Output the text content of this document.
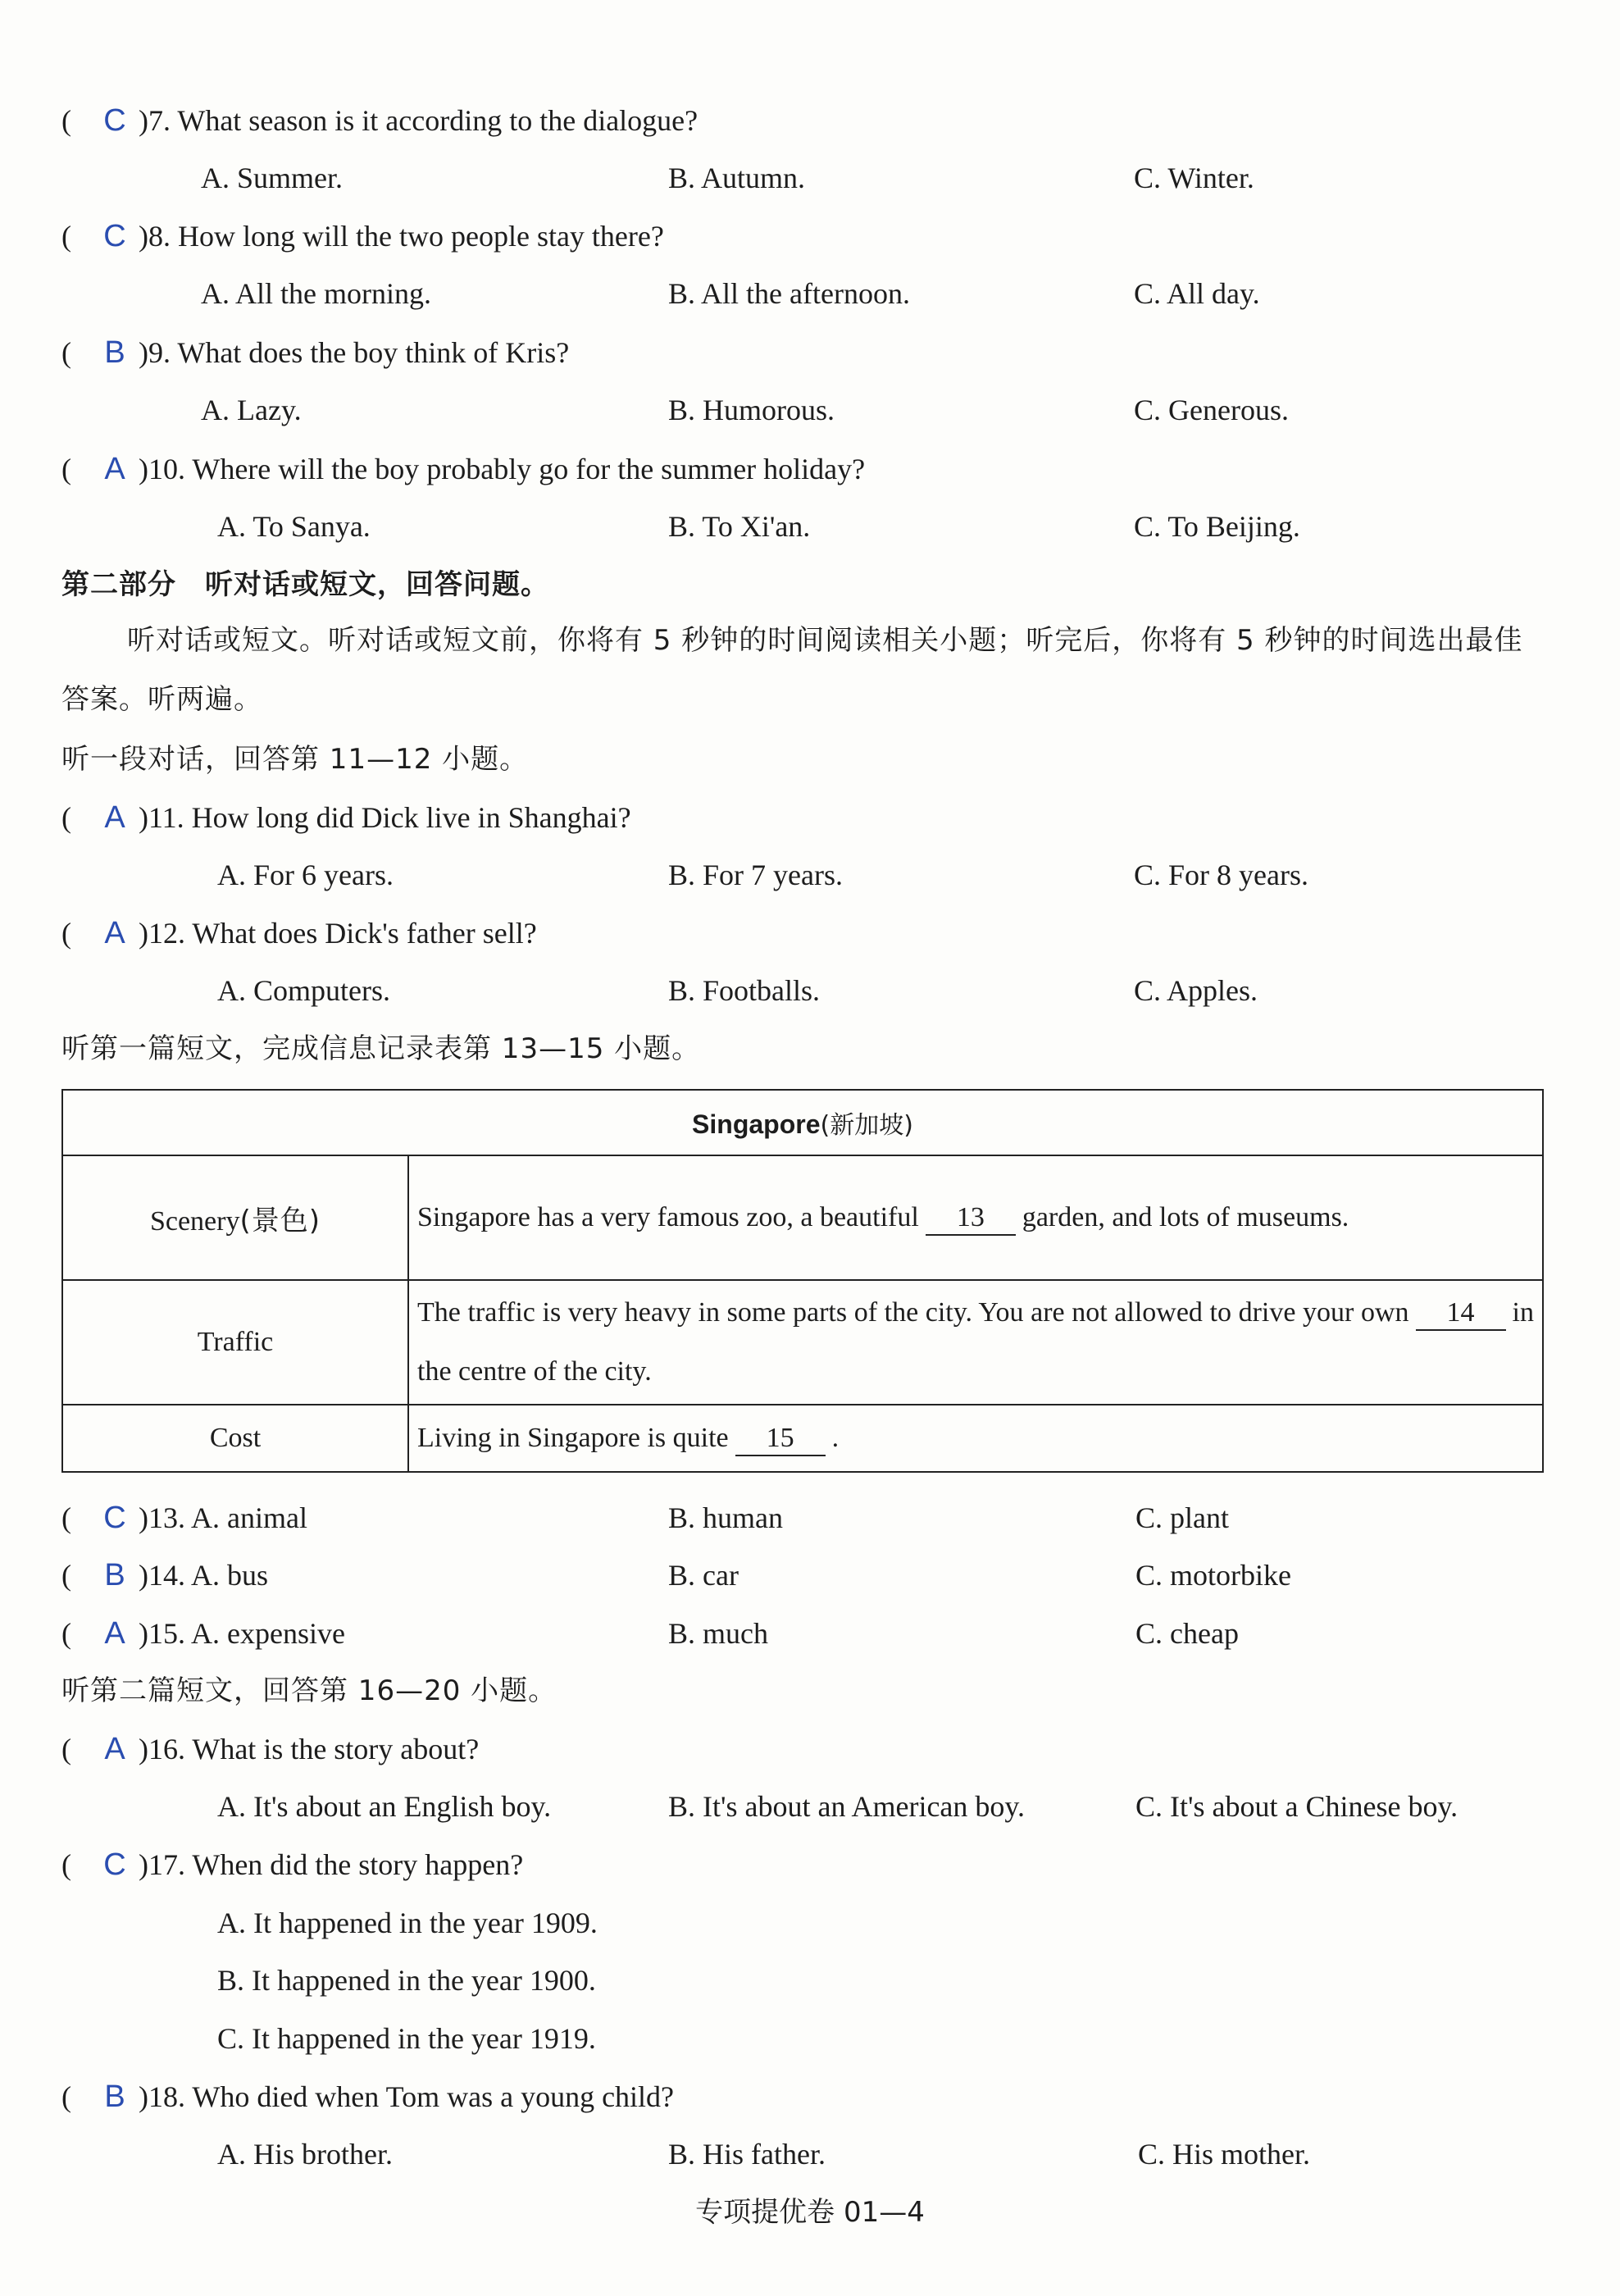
( C )7. What season is it according to the dialogue?
A. Summer.	B. Autumn.	C. Winter.
( C )8. How long will the two people stay there?
A. All the morning.	B. All the afternoon.	C. All day.
( B )9. What does the boy think of Kris?
A. Lazy.	B. Humorous.	C. Generous.
( A )10. Where will the boy probably go for the summer holiday?
A. To Sanya.	B. To Xi'an.	C. To Beijing.
第二部分　听对话或短文，回答问题。
听对话或短文。听对话或短文前，你将有 5 秒钟的时间阅读相关小题；听完后，你将有 5 秒钟的时间选出最佳答案。听两遍。
听一段对话，回答第 11—12 小题。
( A )11. How long did Dick live in Shanghai?
A. For 6 years.	B. For 7 years.	C. For 8 years.
( A )12. What does Dick's father sell?
A. Computers.	B. Footballs.	C. Apples.
听第一篇短文，完成信息记录表第 13—15 小题。
Singapore(新加坡)	
Scenery(景色)	Singapore has a very famous zoo, a beautiful 13 garden, and lots of museums.
Traffic	The traffic is very heavy in some parts of the city. You are not allowed to drive your own 14 in the centre of the city.
Cost	Living in Singapore is quite 15 .
( C )13. A. animal	B. human	C. plant
( B )14. A. bus	B. car	C. motorbike
( A )15. A. expensive	B. much	C. cheap
听第二篇短文，回答第 16—20 小题。
( A )16. What is the story about?
A. It's about an English boy.	B. It's about an American boy.	C. It's about a Chinese boy.
( C )17. When did the story happen?
A. It happened in the year 1909.
B. It happened in the year 1900.
C. It happened in the year 1919.
( B )18. Who died when Tom was a young child?
A. His brother.	B. His father.	C. His mother.
专项提优卷 01—4
